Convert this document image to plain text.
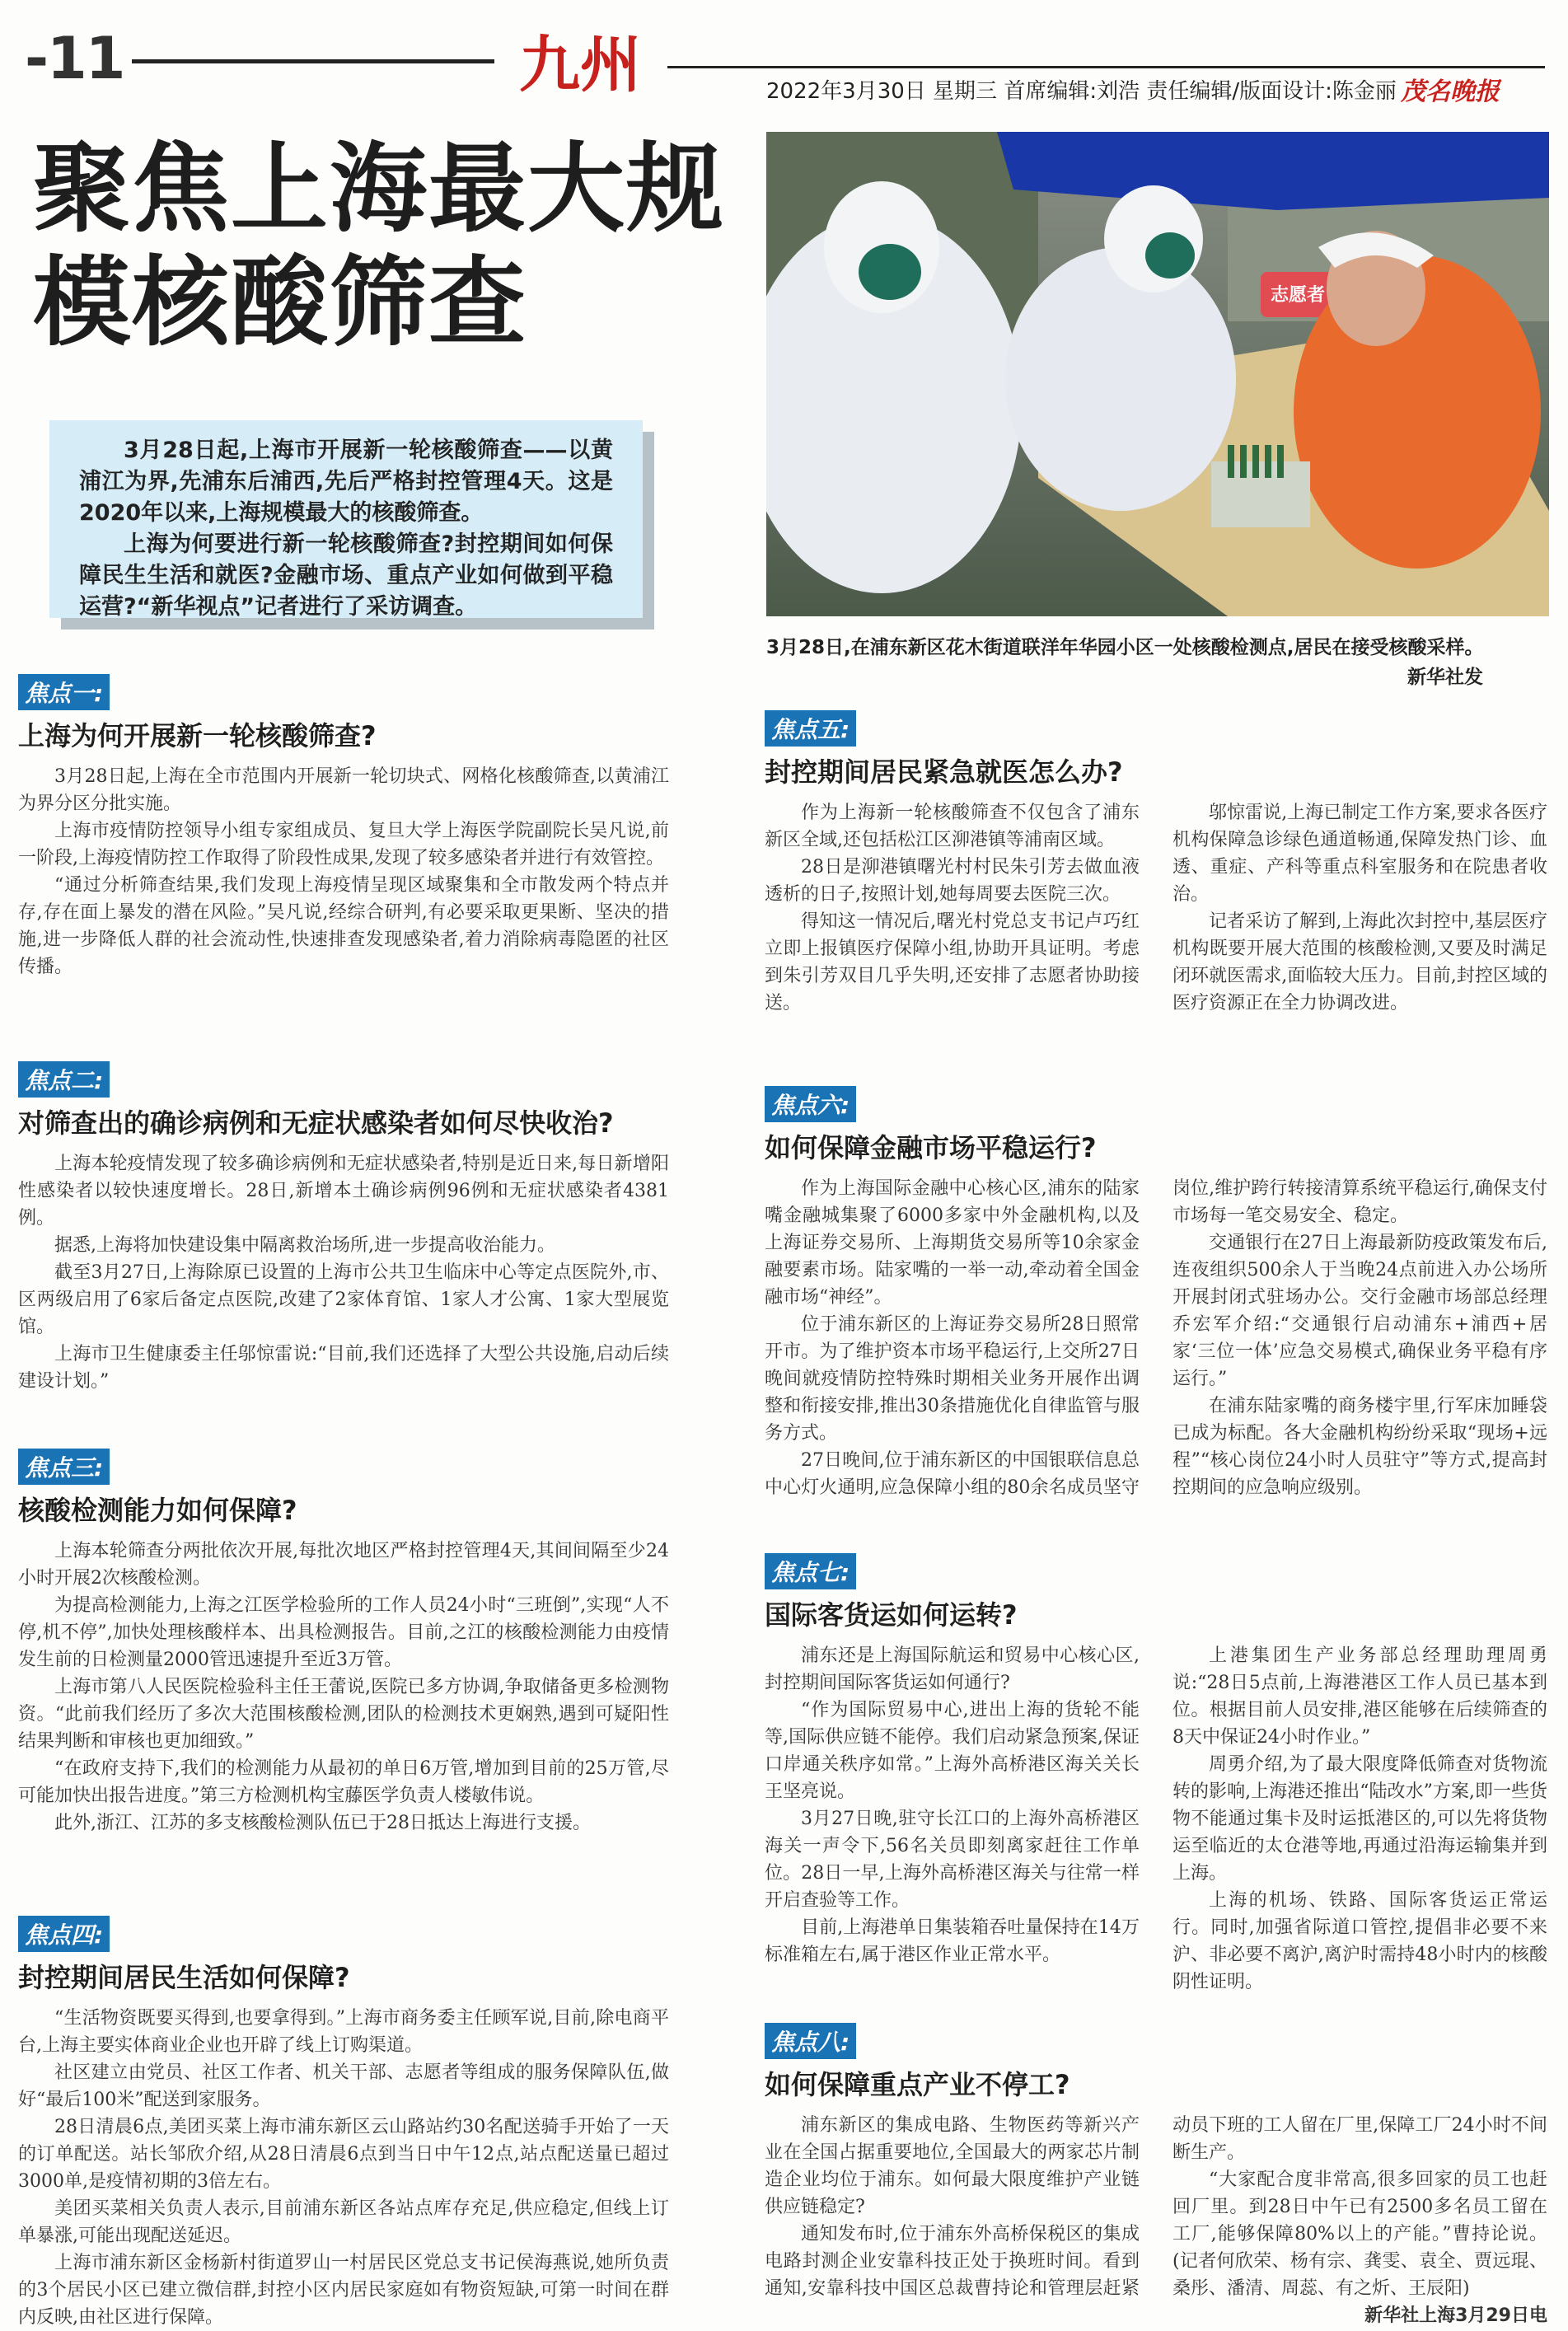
-11	九州	2022年3月30日 星期三 首席编辑:刘浩 责任编辑/版面设计:陈金丽 茂名晚报
聚焦上海最大规模核酸筛查

3月28日起,上海市开展新一轮核酸筛查——以黄浦江为界,先浦东后浦西,先后严格封控管理4天。这是2020年以来,上海规模最大的核酸筛查。

上海为何要进行新一轮核酸筛查?封控期间如何保障民生生活和就医?金融市场、重点产业如何做到平稳运营?“新华视点”记者进行了采访调查。

志愿者
3月28日,在浦东新区花木街道联洋年华园小区一处核酸检测点,居民在接受核酸采样。
新华社发
焦点一:
上海为何开展新一轮核酸筛查?

3月28日起,上海在全市范围内开展新一轮切块式、网格化核酸筛查,以黄浦江为界分区分批实施。

上海市疫情防控领导小组专家组成员、复旦大学上海医学院副院长吴凡说,前一阶段,上海疫情防控工作取得了阶段性成果,发现了较多感染者并进行有效管控。

“通过分析筛查结果,我们发现上海疫情呈现区域聚集和全市散发两个特点并存,存在面上暴发的潜在风险。”吴凡说,经综合研判,有必要采取更果断、坚决的措施,进一步降低人群的社会流动性,快速排查发现感染者,着力消除病毒隐匿的社区传播。

焦点二:
对筛查出的确诊病例和无症状感染者如何尽快收治?

上海本轮疫情发现了较多确诊病例和无症状感染者,特别是近日来,每日新增阳性感染者以较快速度增长。28日,新增本土确诊病例96例和无症状感染者4381例。

据悉,上海将加快建设集中隔离救治场所,进一步提高收治能力。

截至3月27日,上海除原已设置的上海市公共卫生临床中心等定点医院外,市、区两级启用了6家后备定点医院,改建了2家体育馆、1家人才公寓、1家大型展览馆。

上海市卫生健康委主任邬惊雷说:“目前,我们还选择了大型公共设施,启动后续建设计划。”

焦点三:
核酸检测能力如何保障?

上海本轮筛查分两批依次开展,每批次地区严格封控管理4天,其间间隔至少24小时开展2次核酸检测。

为提高检测能力,上海之江医学检验所的工作人员24小时“三班倒”,实现“人不停,机不停”,加快处理核酸样本、出具检测报告。目前,之江的核酸检测能力由疫情发生前的日检测量2000管迅速提升至近3万管。

上海市第八人民医院检验科主任王蕾说,医院已多方协调,争取储备更多检测物资。“此前我们经历了多次大范围核酸检测,团队的检测技术更娴熟,遇到可疑阳性结果判断和审核也更加细致。”

“在政府支持下,我们的检测能力从最初的单日6万管,增加到目前的25万管,尽可能加快出报告进度。”第三方检测机构宝藤医学负责人楼敏伟说。

此外,浙江、江苏的多支核酸检测队伍已于28日抵达上海进行支援。

焦点四:
封控期间居民生活如何保障?

“生活物资既要买得到,也要拿得到。”上海市商务委主任顾军说,目前,除电商平台,上海主要实体商业企业也开辟了线上订购渠道。

社区建立由党员、社区工作者、机关干部、志愿者等组成的服务保障队伍,做好“最后100米”配送到家服务。

28日清晨6点,美团买菜上海市浦东新区云山路站约30名配送骑手开始了一天的订单配送。站长邹欣介绍,从28日清晨6点到当日中午12点,站点配送量已超过3000单,是疫情初期的3倍左右。

美团买菜相关负责人表示,目前浦东新区各站点库存充足,供应稳定,但线上订单暴涨,可能出现配送延迟。

上海市浦东新区金杨新村街道罗山一村居民区党总支书记侯海燕说,她所负责的3个居民小区已建立微信群,封控小区内居民家庭如有物资短缺,可第一时间在群内反映,由社区进行保障。

焦点五:
封控期间居民紧急就医怎么办?

作为上海新一轮核酸筛查不仅包含了浦东新区全域,还包括松江区泖港镇等浦南区域。

28日是泖港镇曙光村村民朱引芳去做血液透析的日子,按照计划,她每周要去医院三次。

得知这一情况后,曙光村党总支书记卢巧红立即上报镇医疗保障小组,协助开具证明。考虑到朱引芳双目几乎失明,还安排了志愿者协助接送。

邬惊雷说,上海已制定工作方案,要求各医疗机构保障急诊绿色通道畅通,保障发热门诊、血透、重症、产科等重点科室服务和在院患者收治。

记者采访了解到,上海此次封控中,基层医疗机构既要开展大范围的核酸检测,又要及时满足闭环就医需求,面临较大压力。目前,封控区域的医疗资源正在全力协调改进。

焦点六:
如何保障金融市场平稳运行?

作为上海国际金融中心核心区,浦东的陆家嘴金融城集聚了6000多家中外金融机构,以及上海证券交易所、上海期货交易所等10余家金融要素市场。陆家嘴的一举一动,牵动着全国金融市场“神经”。

位于浦东新区的上海证券交易所28日照常开市。为了维护资本市场平稳运行,上交所27日晚间就疫情防控特殊时期相关业务开展作出调整和衔接安排,推出30条措施优化自律监管与服务方式。

27日晚间,位于浦东新区的中国银联信息总中心灯火通明,应急保障小组的80余名成员坚守岗位,维护跨行转接清算系统平稳运行,确保支付市场每一笔交易安全、稳定。

交通银行在27日上海最新防疫政策发布后,连夜组织500余人于当晚24点前进入办公场所开展封闭式驻场办公。交行金融市场部总经理乔宏军介绍:“交通银行启动浦东+浦西+居家‘三位一体’应急交易模式,确保业务平稳有序运行。”

在浦东陆家嘴的商务楼宇里,行军床加睡袋已成为标配。各大金融机构纷纷采取“现场+远程”“核心岗位24小时人员驻守”等方式,提高封控期间的应急响应级别。

焦点七:
国际客货运如何运转?

浦东还是上海国际航运和贸易中心核心区,封控期间国际客货运如何通行?

“作为国际贸易中心,进出上海的货轮不能等,国际供应链不能停。我们启动紧急预案,保证口岸通关秩序如常。”上海外高桥港区海关关长王坚亮说。

3月27日晚,驻守长江口的上海外高桥港区海关一声令下,56名关员即刻离家赶往工作单位。28日一早,上海外高桥港区海关与往常一样开启查验等工作。

目前,上海港单日集装箱吞吐量保持在14万标准箱左右,属于港区作业正常水平。

上港集团生产业务部总经理助理周勇说:“28日5点前,上海港港区工作人员已基本到位。根据目前人员安排,港区能够在后续筛查的8天中保证24小时作业。”

周勇介绍,为了最大限度降低筛查对货物流转的影响,上海港还推出“陆改水”方案,即一些货物不能通过集卡及时运抵港区的,可以先将货物运至临近的太仓港等地,再通过沿海运输集并到上海。

上海的机场、铁路、国际客货运正常运行。同时,加强省际道口管控,提倡非必要不来沪、非必要不离沪,离沪时需持48小时内的核酸阴性证明。

焦点八:
如何保障重点产业不停工?

浦东新区的集成电路、生物医药等新兴产业在全国占据重要地位,全国最大的两家芯片制造企业均位于浦东。如何最大限度维护产业链供应链稳定?

通知发布时,位于浦东外高桥保税区的集成电路封测企业安靠科技正处于换班时间。看到通知,安靠科技中国区总裁曹持论和管理层赶紧动员下班的工人留在厂里,保障工厂24小时不间断生产。

“大家配合度非常高,很多回家的员工也赶回厂里。到28日中午已有2500多名员工留在工厂,能够保障80%以上的产能。”曹持论说。(记者何欣荣、杨有宗、龚雯、袁全、贾远琨、桑彤、潘清、周蕊、有之炘、王辰阳)

新华社上海3月29日电
